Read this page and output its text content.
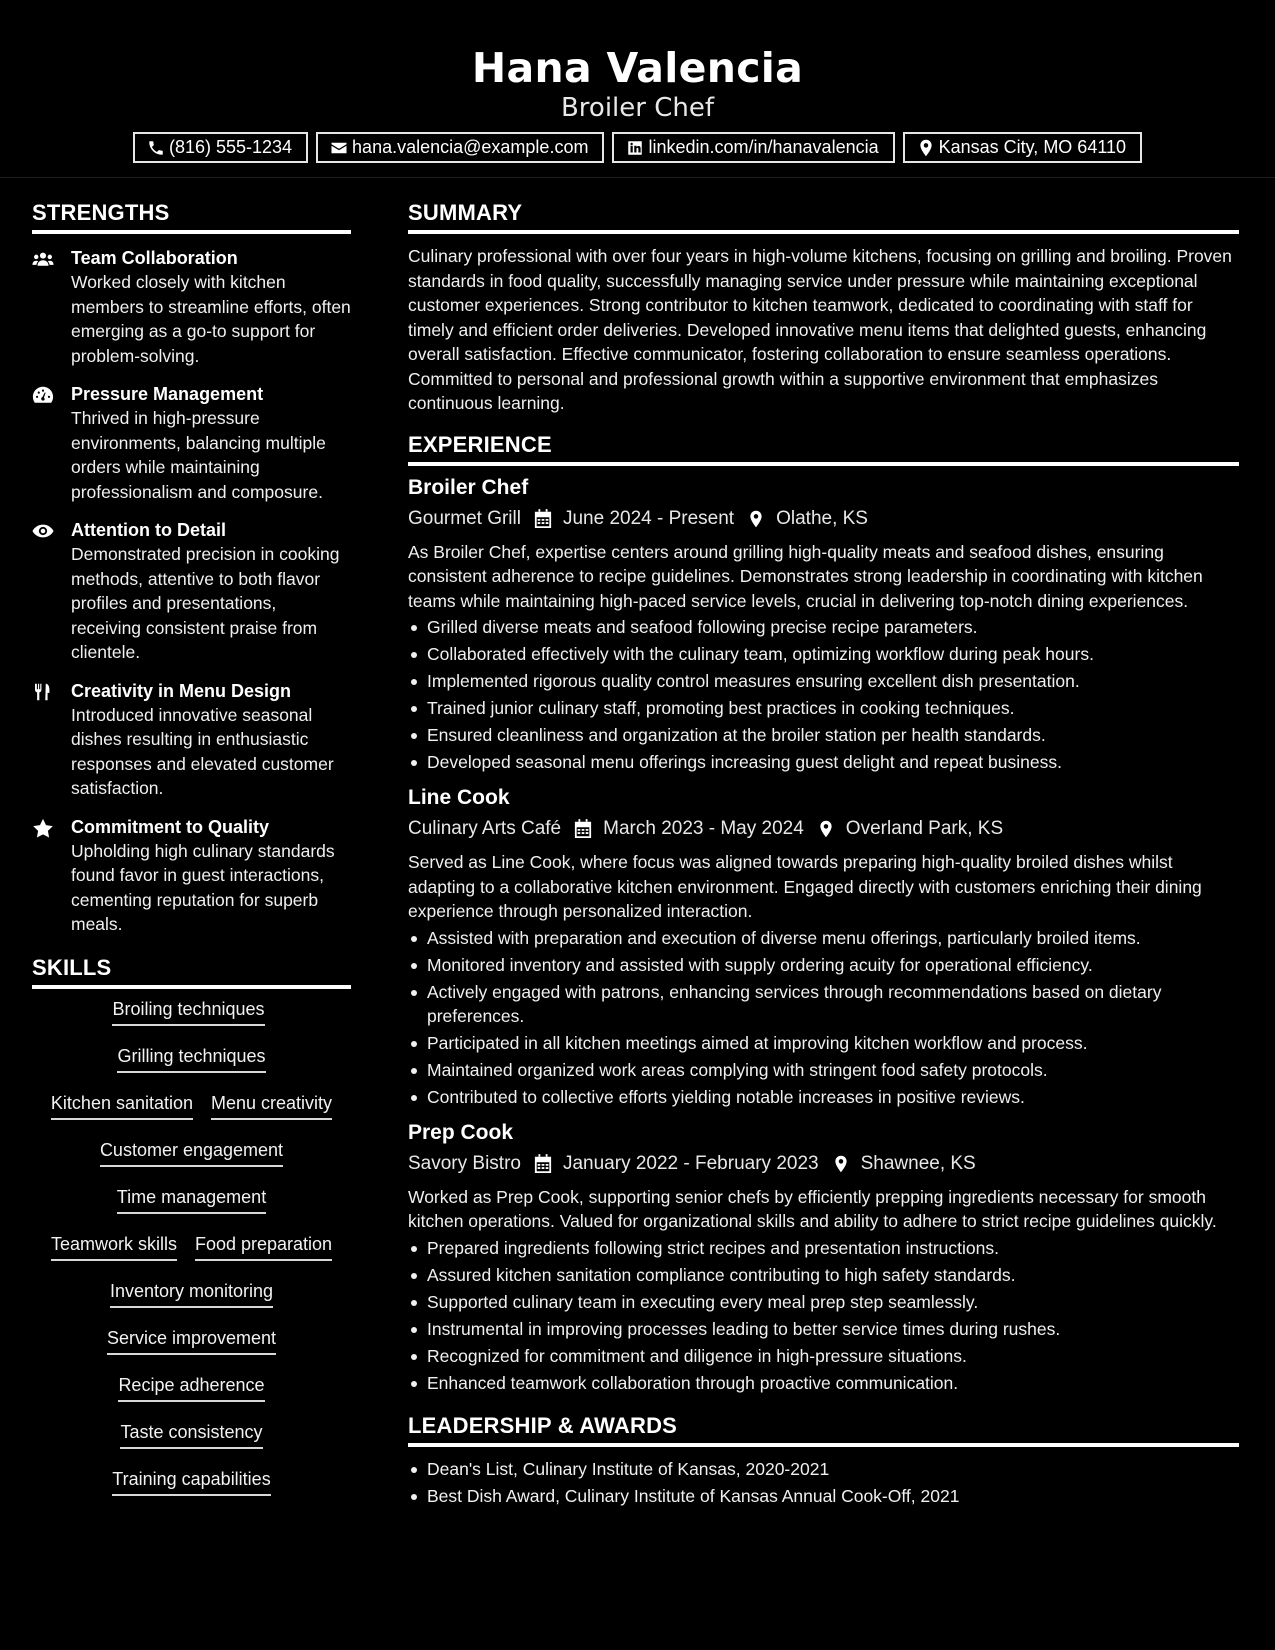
Hana Valencia
Broiler Chef
(816) 555-1234	hana.valencia@example.com	linkedin.com/in/hanavalencia	Kansas City, MO 64110
STRENGTHS
Team Collaboration
Worked closely with kitchen members to streamline efforts, often emerging as a go-to support for problem-solving.
Pressure Management
Thrived in high-pressure environments, balancing multiple orders while maintaining professionalism and composure.
Attention to Detail
Demonstrated precision in cooking methods, attentive to both flavor profiles and presentations, receiving consistent praise from clientele.
Creativity in Menu Design
Introduced innovative seasonal dishes resulting in enthusiastic responses and elevated customer satisfaction.
Commitment to Quality
Upholding high culinary standards found favor in guest interactions, cementing reputation for superb meals.
SKILLS
Broiling techniques
Grilling techniques
Kitchen sanitation Menu creativity
Customer engagement
Time management
Teamwork skills Food preparation
Inventory monitoring
Service improvement
Recipe adherence
Taste consistency
Training capabilities
SUMMARY
Culinary professional with over four years in high-volume kitchens, focusing on grilling and broiling. Proven standards in food quality, successfully managing service under pressure while maintaining exceptional customer experiences. Strong contributor to kitchen teamwork, dedicated to coordinating with staff for timely and efficient order deliveries. Developed innovative menu items that delighted guests, enhancing overall satisfaction. Effective communicator, fostering collaboration to ensure seamless operations. Committed to personal and professional growth within a supportive environment that emphasizes continuous learning.
EXPERIENCE
Broiler Chef
Gourmet Grill June 2024 - Present Olathe, KS
As Broiler Chef, expertise centers around grilling high-quality meats and seafood dishes, ensuring consistent adherence to recipe guidelines. Demonstrates strong leadership in coordinating with kitchen teams while maintaining high-paced service levels, crucial in delivering top-notch dining experiences.
Grilled diverse meats and seafood following precise recipe parameters.
Collaborated effectively with the culinary team, optimizing workflow during peak hours.
Implemented rigorous quality control measures ensuring excellent dish presentation.
Trained junior culinary staff, promoting best practices in cooking techniques.
Ensured cleanliness and organization at the broiler station per health standards.
Developed seasonal menu offerings increasing guest delight and repeat business.
Line Cook
Culinary Arts Café March 2023 - May 2024 Overland Park, KS
Served as Line Cook, where focus was aligned towards preparing high-quality broiled dishes whilst adapting to a collaborative kitchen environment. Engaged directly with customers enriching their dining experience through personalized interaction.
Assisted with preparation and execution of diverse menu offerings, particularly broiled items.
Monitored inventory and assisted with supply ordering acuity for operational efficiency.
Actively engaged with patrons, enhancing services through recommendations based on dietary preferences.
Participated in all kitchen meetings aimed at improving kitchen workflow and process.
Maintained organized work areas complying with stringent food safety protocols.
Contributed to collective efforts yielding notable increases in positive reviews.
Prep Cook
Savory Bistro January 2022 - February 2023 Shawnee, KS
Worked as Prep Cook, supporting senior chefs by efficiently prepping ingredients necessary for smooth kitchen operations. Valued for organizational skills and ability to adhere to strict recipe guidelines quickly.
Prepared ingredients following strict recipes and presentation instructions.
Assured kitchen sanitation compliance contributing to high safety standards.
Supported culinary team in executing every meal prep step seamlessly.
Instrumental in improving processes leading to better service times during rushes.
Recognized for commitment and diligence in high-pressure situations.
Enhanced teamwork collaboration through proactive communication.
LEADERSHIP & AWARDS
Dean's List, Culinary Institute of Kansas, 2020-2021
Best Dish Award, Culinary Institute of Kansas Annual Cook-Off, 2021
